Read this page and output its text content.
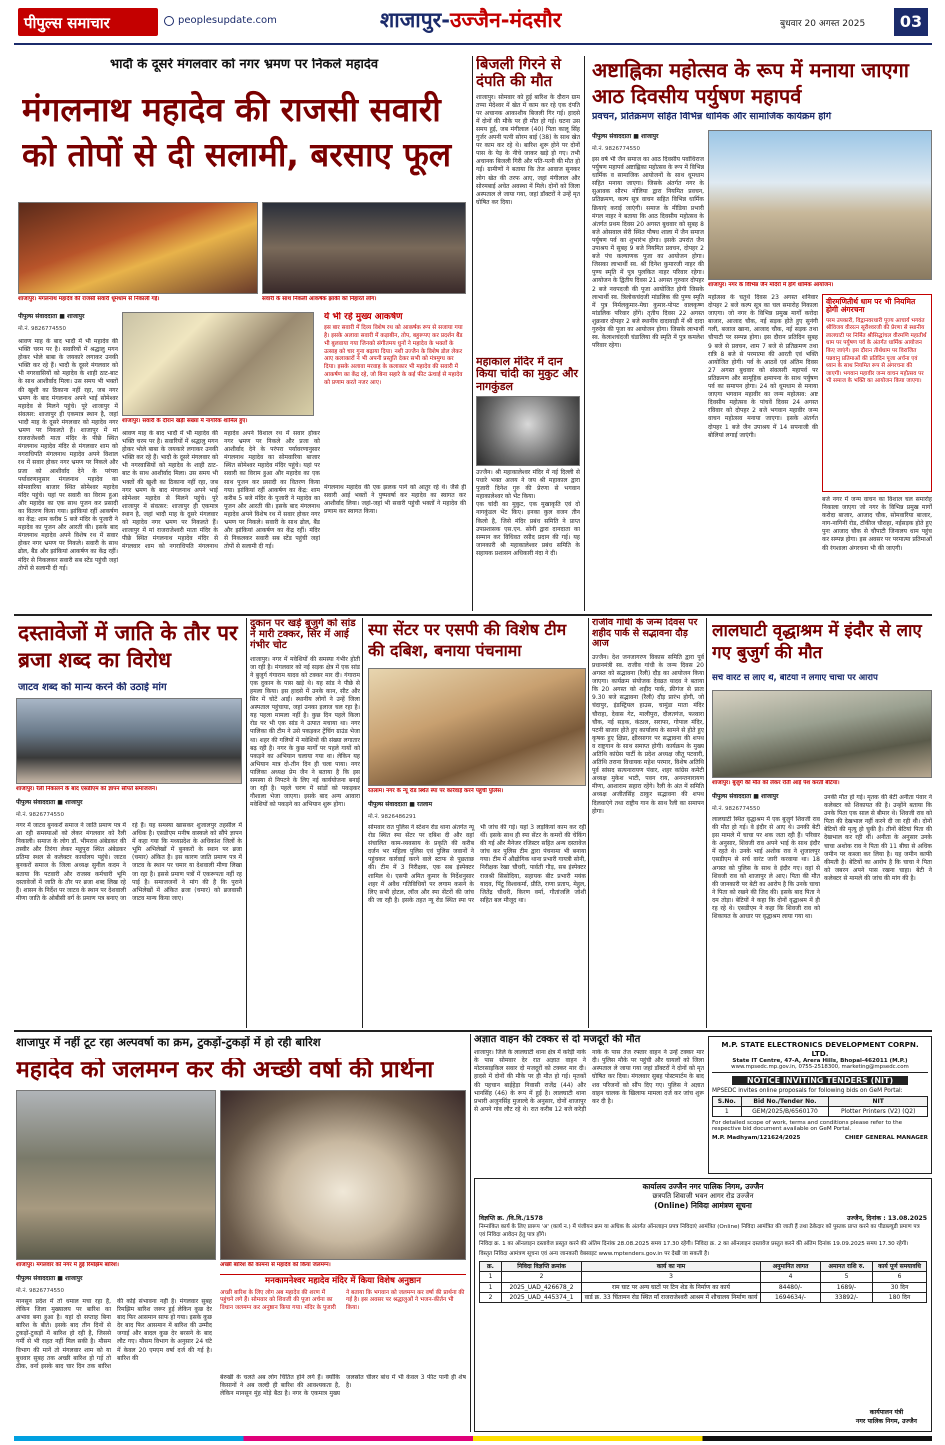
पीपुल्स समाचार	peoplesupdate.com	शाजापुर-उज्जैन-मंदसौर	बुधवार 20 अगस्त 2025	03
भादौ के दूसरे मंगलवार को नगर भ्रमण पर निकले महादेव
मंगलनाथ महादेव की राजसी सवारी को तोपों से दी सलामी, बरसाए फूल
शाजापुर। मंगलनाथ महादेव की राजसी सवारी धूमधाम से निकाली गई।	सवारी के साथ निकली आकर्षक झांकी को निहारते लोग।
पीपुल्स संवाददाता ■ शाजापुर
मो.नं. 9826774550
शाजापुर। सवारी के दौरान खड़ी संख्या में नागरिक शामिल हुए।
श्रावण माह के बाद भादौ में भी महादेव की भक्ति चरम पर है। सवारियों में श्रद्धालु मगन होकर भोले बाबा के जयकारे लगाकर उनकी भक्ति कर रहे हैं। भादौ के दूसरे मंगलवार को भी नगरवासियों को महादेव के शाही ठाट-बाट के साथ आशीर्वाद मिला। उस समय भी भक्तों की खुशी का ठिकाना नहीं रहा, जब नगर भ्रमण के बाद मंगलनाथ अपने भाई सोमेश्वर महादेव से मिलने पहुंचे। पूरे शाजापुर में संवत्सर: शाजापुर ही एकमात्र स्थान है, जहां भादौ माह के दूसरे मंगलवार को महादेव नगर भ्रमण पर निकलते हैं। शाजापुर में मां राजराजेश्वरी माता मंदिर के पीछे स्थित मंगलनाथ महादेव मंदिर से मंगलवार शाम को नगराधिपति मंगलनाथ महादेव अपने विशाल रथ में सवार होकर नगर भ्रमण पर निकले और प्रजा को आशीर्वाद देने के परंपरा पर्यावरणानुसार मंगलनाथ महादेव का सोमवारिया बाजार स्थित सोमेश्वर महादेव मंदिर पहुंचे। यहां पर सवारी का विराम हुआ और महादेव का एक साथ पूजन कर प्रसादी का वितरण किया गया। झांकियां रहीं आकर्षण का केंद्र: शाम करीब 5 बजे मंदिर के पुजारी ने महादेव का पूजन और आरती की। इसके बाद मंगलनाथ महादेव अपने विशेष रथ में सवार होकर नगर भ्रमण पर निकले। सवारी के साथ ढोल, बैंड और झांकियां आकर्षण का केंद्र रहीं। मंदिर से निकलकर सवारी सब स्टेंड पहुंची जहां तोपों से सलामी दी गई।
श्रावण माह के बाद भादौ में भी महादेव की भक्ति चरम पर है। सवारियों में श्रद्धालु मगन होकर भोले बाबा के जयकारे लगाकर उनकी भक्ति कर रहे हैं। भादौ के दूसरे मंगलवार को भी नगरवासियों को महादेव के शाही ठाट-बाट के साथ आशीर्वाद मिला। उस समय भी भक्तों की खुशी का ठिकाना नहीं रहा, जब नगर भ्रमण के बाद मंगलनाथ अपने भाई सोमेश्वर महादेव से मिलने पहुंचे। पूरे शाजापुर में संवत्सर: शाजापुर ही एकमात्र स्थान है, जहां भादौ माह के दूसरे मंगलवार को महादेव नगर भ्रमण पर निकलते हैं। शाजापुर में मां राजराजेश्वरी माता मंदिर के पीछे स्थित मंगलनाथ महादेव मंदिर से मंगलवार शाम को नगराधिपति मंगलनाथ महादेव अपने विशाल रथ में सवार होकर नगर भ्रमण पर निकले और प्रजा को आशीर्वाद देने के परंपरा पर्यावरणानुसार मंगलनाथ महादेव का सोमवारिया बाजार स्थित सोमेश्वर महादेव मंदिर पहुंचे। यहां पर सवारी का विराम हुआ और महादेव का एक साथ पूजन कर प्रसादी का वितरण किया गया। झांकियां रहीं आकर्षण का केंद्र: शाम करीब 5 बजे मंदिर के पुजारी ने महादेव का पूजन और आरती की। इसके बाद मंगलनाथ महादेव अपने विशेष रथ में सवार होकर नगर भ्रमण पर निकले। सवारी के साथ ढोल, बैंड और झांकियां आकर्षण का केंद्र रहीं। मंदिर से निकलकर सवारी सब स्टेंड पहुंची जहां तोपों से सलामी दी गई।
ये भी रहे मुख्य आकर्षण
इस बार सवारी में दिव्य विशेष रथ को आकर्षक रूप से सजाया गया है। इसके अलावा सवारी में कड़ाबीन, तोप, बहुरूपए कर प्रदर्शन बैंड भी बुलवाया गया जिनको संगीतमय धुनों ने महादेव के भक्तों के उत्साह को चार गुना बढ़ाया दिया। नशी उज्जैन के विशेष डोल लेकर आए कलाकारों ने भी अपनी प्रस्तुति देकर सभी को मंत्रमुग्ध कर दिया। इसके अलावा मरवाह के कलाकार भी महादेव की सवारी में आकर्षण का केंद्र रहे, जो बिना सहारे के कई फीट ऊंचाई से महादेव को प्रणाम करते नजर आए।
मंगलनाथ महादेव की एक झलक पाने को आतुर रहे थे। जैसे ही सवारी आई भक्तों ने पुष्पवर्षा कर महादेव का स्वागत कर आशीर्वाद लिया। जहां-जहां भी सवारी पहुंची भक्तों ने महादेव की प्रणाम कर स्वागत किया।
बिजली गिरने से दंपति की मौत
शाजापुर। सोमवार को हुई बारिश के दौरान ग्राम तप्पा मेदेश्वर में खेत में काम कर रहे एक दंपति पर अचानक आकाशीय बिजली गिर गई। हादसे में दोनों की मौके पर ही मौत हो गई। घटना उस समय हुई, जब मंगीलाल (40) पिता कालू सिंह गुर्जर अपनी पत्नी सोरम बाई (38) के साथ खेत पर काम कर रहे थे। बारिश शुरू होने पर दोनों पास के पेड़ के नीचे जाकर खड़े हो गए। तभी अचानक बिजली गिरी और पति-पत्नी की मौत हो गई। ग्रामीणों ने बताया कि तेज आवाज सुनकर लोग खेत की तरफ आए, जहां मंगीलाल और सोरमबाई अचेत अवस्था में मिले। दोनों को जिला अस्पताल ले जाया गया, जहां डॉक्टरों ने उन्हें मृत घोषित कर दिया।
महाकाल मंदिर में दान किया चांदी का मुकुट और नागकुंडल
उज्जैन। श्री महाकालेश्वर मंदिर में नई दिल्ली से पधारे भक्त अजय ने जय श्री महाकाल द्वारा पुजारी दिनेश गुरु की प्रेरणा से भगवान महाकालेश्वर को भेंट किया।
एक चांदी का मुकुट, एक मुखाकृति एवं दो नागकुंडल भेंट किए। इनका कुल वजन तीन किलो है, जिसे मंदिर प्रबंध समिति ने प्राप्त उपप्रशासक एस.एन. सोनी द्वारा दानदाता का सम्मान कर विधिवत रसीद प्रदान की गई। यह जानकारी श्री महाकालेश्वर प्रबंध समिति के सहायक प्रशासन अधिकारी नंदा ने दी।
अष्टाह्निका महोत्सव के रूप में मनाया जाएगा आठ दिवसीय पर्युषण महापर्व
प्रवचन, प्रतिक्रमण सहित विभिन्न धार्मिक और सामाजिक कार्यक्रम होंगे
पीपुल्स संवाददाता ■ शाजापुर
मो.नं. 9826774550
शाजापुर। नगर के विभिन्न जैन मंदिरों में होंगे धार्मिक आयोजन।
इस वर्ष भी जैन समाज का आठ दिवसीय पर्वाधिराज पर्युषण महापर्व अष्टाह्निका महोत्सव के रूप में विभिन्न धार्मिक व सामाजिक आयोजनों के साथ धूमधाम सहित मनाया जाएगा। जिसके अंतर्गत नगर के सुआवक सौरभ नोलिया द्वारा नियमित प्रवचन, प्रतिक्रमण, कल्प सूत्र वाचन सहित विभिन्न धार्मिक क्रियाएं कराई जाएंगी। समाज के मीडिया प्रभारी मंगल नाहर ने बताया कि आठ दिवसीय महोत्सव के अंतर्गत प्रथम दिवस 20 अगस्त बुधवार को सुबह 8 बजे ओसवाल सेरी स्थित पौषध शाला में जैन समाज पर्युषण पर्व का शुभारंभ होगा। इसके उपरांत जैन उपाश्रय में सुबह 9 बजे नियमित प्रवचन, दोपहर 2 बजे पंच कल्याणक पूजा का आयोजन होगा। जिसका लाभार्थी स्व. श्री दिनेश कुमारजी नाहर की पुण्य स्मृति में पुत्र पुलकित नाहर परिवार रहेगा। आयोजन के द्वितीय दिवस 21 अगस्त गुरुवार दोपहर 2 बजे नवपदजी की पूजा आयोजित होगी जिसके लाभार्थी स्व. त्रिलोकचंदजी मांडलिक की पुण्य स्मृति में पुत्र निर्मलकुमार-मेघा कुमार-पोपट वालकृष्ण मांडलिक परिवार होंगे। तृतीय दिवस 22 अगस्त शुक्रवार दोपहर 2 बजे स्थानीय दादावाड़ी में श्री दादा गुरुदेव की पूजा का आयोजन होगा। जिसके लाभार्थी स्व. केलाशचंदजी चंडालिया की स्मृति में पुत्र कमलेश परिवार रहेगा।
महोत्सव के चतुर्थ दिवस 23 अगस्त शनिवार दोपहर 2 बजे कल्प सूत्र का चल समारोह निकाला जाएगा। जो नगर के विभिन्न प्रमुख मार्गों करोदा बाजार, आजाद चौक, नई सड़क होते हुए सुनंगी गली, बजाज खाना, आजाद चौक, नई सड़क तथा चौपाटी पर सम्पन्न होगा। इस दौरान प्रतिदिन सुबह 9 बजे से प्रवचन, शाम 7 बजे से प्रतिक्रमण तथा रात्रि 8 बजे से परमात्मा की आरती एवं भक्ति आयोजित होगी। पर्व के आठवें एवं अंतिम दिवस 27 अगस्त बुधवार को संवत्सरी महापर्व पर प्रतिक्रमण और सामूहिक क्षमापना के साथ पर्युषण पर्व का समापन होगा। 24 को धूमधाम से मनाया जाएगा भगवान महावीर का जन्म महोत्सव: अष्ट दिवसीय महोत्सव के पांचवें दिवस 24 अगस्त रविवार को दोपहर 2 बजे भगवान महावीर जन्म वाचन महोत्सव मनाया जाएगा। इसके अंतर्गत दोपहर 1 बजे जैन उपाश्रय में 14 सपनाजी की बोलियां लगाई जाएंगी।
वीरमणितीर्थ धाम पर भी नियमित होगी अंगरचना
परम उपकारी, विद्वानवरधारी पूज्य आचार्य भगवंत श्रीविजय वीररत्न सूरीश्वरजी की प्रेरणा से स्थानीय लालघाटी पर निर्मित श्रीसिद्धांचल वीरमणि महातीर्थ धाम पर पर्युषण पर्व के अंतर्गत धार्मिक आयोजन किए जाएंगे। इस दौरान तीर्थधाम पर विराजित पन्नवानु प्रतिमाओं की प्रतिदिन पूजा अर्चना एवं ध्यान के साथ नियमित रूप से अंगरचना की जाएगी। भगवान महावीर जन्म वाचन महोत्सव पर भी समाज के भक्ति का आयोजन किया जाएगा।
बजे नगर में जन्म वाचन का विशाल चल समारोह निकाला जाएगा जो नगर के विभिन्न प्रमुख मार्गों करोदा बाजार, आजाद चौक, सोमवारिया बाजार, नाग-नागिनी रोड, टॉकीज चौराहा, नईसड़क होते हुए पुनः आजाद चौक से चौपाटी जिनालय धाम पहुंच कर सम्पन्न होगा। इस अवसर पर परमात्मा प्रतिमाओं की रंगशाला अंगरचना भी की जाएगी।
दस्तावेजों में जाति के तौर पर ब्रजा शब्द का विरोध
जाटव शब्द को मान्य करने की उठाई मांग
शाजापुर। रैली निकालने के बाद एसडीएम को ज्ञापन सौंपते समाजजन।
पीपुल्स संवाददाता ■ शाजापुर
मो.नं. 9826774550
नगर में जाटव बुनकरों समाज ने जाति प्रमाण पत्र में आ रही समस्याओं को लेकर मंगलवार को रैली निकाली। समाज के लोग डॉ. भीमराव अंबेडकर की तस्वीर और तिरंगा लेकर महूपुरा स्थित अंबेडकर प्रतिमा स्थल से कलेक्टर कार्यालय पहुंचे। जाटव बुनकरों समाज के जिला अध्यक्ष सुनील कदम ने बताया कि पटवारी और राजस्व कर्मचारी भूमि दस्तावेजों में जाति के तौर पर ब्रजा शब्द लिख रहे हैं। शासन के निर्देश पर जाटव के स्थान पर देशवाली मीणा जाति के ओबीसी वर्ग के प्रमाण पत्र बनाए जा रहे हैं। यह समस्या खासकर शुजालपुर तहसील में अधिक है। एसडीएम मनीष वास्कले को सौंपे ज्ञापन में कहा गया कि मध्यप्रदेश के अधिकांश जिलों के भूमि अभिलेखों में बुनकरों के स्थान पर ब्रजा (चमार) अंकित है। इस कारण जाति प्रमाण पत्र में जाटव के स्थान पर चमार या देशवाली मीणा लिखा जा रहा है। इससे प्रमाण पत्रों में एकरूपता नहीं रह पाई है। समाजजनों ने मांग की है कि पुराने अभिलेखों में अंकित ब्रजा (चमार) को ब्रजवासी जाटव मान्य किया जाए।
दुकान पर खड़े बुजुर्ग को सांड ने मारी टक्कर, सिर में आई गंभीर चोट
शाजापुर। नगर में मवेशियों की समस्या गंभीर होती जा रही है। मंगलवार को नई सड़क क्षेत्र में एक सांड ने बुजुर्ग गंगाराम यादव को टक्कर मार दी। गंगाराम एक दुकान के पास खड़े थे। यह सांड ने पीछे से हमला किया। इस हादसे में उनके कान, सीट और सिर में चोटें आईं। स्थानीय लोगों ने उन्हें जिला अस्पताल पहुंचाया, जहां उनका इलाज चल रहा है। यह पहला मामला नहीं है। कुछ दिन पहले किला रोड पर भी एक सांड ने उत्पात मचाया था। नगर पालिका की टीम ने उसे पकड़कर ट्रेंचिंग ग्राउंड भेजा था। शहर की गलियों में मवेशियों की संख्या लगातार बढ़ रही है। नगर के कुछ मार्गों पर पहले गायों को पकड़ने का अभियान चलाया गया था। लेकिन यह अभियान मात्र दो-तीन दिन ही चला पाया। नगर पालिका अध्यक्ष प्रेम जैन ने बताया है कि इस समस्या से निपटने के लिए नई कार्ययोजना बनाई जा रही है। पहले चरण में सांडों को पकड़कर गौशाला भेजा जाएगा। इसके बाद अन्य आवारा मवेशियों को पकड़ने का अभियान शुरू होगा।
स्पा सेंटर पर एसपी की विशेष टीम की दबिश, बनाया पंचनामा
रतलाम। नगर के न्यू रोड स्थित स्पा पर कार्रवाई करने पहुंची पुलिस।
पीपुल्स संवाददाता ■ रतलाम
मो.नं. 9826486291
सोमवार रात पुलिस ने स्टेशन रोड थाना अंतर्गत न्यू रोड स्थित स्पा सेंटर पर दबिश दी और वहां संचालित काम-व्यवसाय के प्रकृति की करीब दर्जन भर महिला पुलिस एवं पुलिस जवानों ने पहुंचकर कार्रवाई करने वाले स्टाफ से पूछताछ की। टीम में 3 निरीक्षक, एक सब इंस्पेक्टर शामिल थे। एसपी अमित कुमार के निर्देशनुसार शहर में अवैध गतिविधियों पर लगाम कसने के लिए सभी होटल, लॉज और स्पा सेंटरों की जांच की जा रही है। इसके तहत न्यू रोड स्थित स्पा पर भी जांच की गई। यहां 3 लड़कियां काम कर रही थीं। इसके साथ ही स्पा सेंटर के कमरों की चेकिंग की गई और मैनेजर रजिस्टर सहित अन्य दस्तावेज जांच कर पुलिस टीम द्वारा पंचनामा भी बनाया गया। टीम में औद्योगिक थाना प्रभारी गायत्री सोनी, निरीक्षक रेखा चौधरी, पार्वती गौड़, सब इंस्पेक्टर राजश्री सिसोदिया, सहायक बीट प्रभारी मयंक यादव, पिंटू विश्वकर्मा, प्रीति, राणा प्रताप, मेहुल, जितेंद्र चौधरी, किरण वर्मा, गौतांजलि जोशी सहित बल मौजूद था।
राजीव गांधी के जन्म दिवस पर शहीद पार्क से सद्भावना दौड़ आज
उज्जैन। देश जनजागरण विकास समिति द्वारा पूर्व प्रधानमंत्री स्व. राजीव गांधी के जन्म दिवस 20 अगस्त को सद्भावना (रैली) दौड़ का आयोजन किया जाएगा। कार्यक्रम संयोजक देवव्रत यादव ने बताया कि 20 अगस्त को शहीद पार्क, फ्रीगंज से प्रातः 9.30 बजे सद्भावना (रैली) दौड़ प्रारंभ होगी, जो चंदापुर, इंडस्ट्रियल हाउस, चामुंडा माता मंदिर चौराहा, देवास गेट, मालीपुरा, दौलतगंज, फव्वारा चौक, नई सड़क, कंठाल, सराफा, गोपाल मंदिर, पटनी बाजार होते हुए कार्यालय के सामने से होते हुए कृषक हुए क्षिप्रा, क्षीरसागर पर सद्भावना की शपथ व राष्ट्रगान के साथ समाप्त होगी। कार्यक्रम के मुख्य अतिथि कांग्रेस पार्टी के प्रदेश अध्यक्ष जीतू पटवारी, अतिथि तराना विधायक महेश परमार, विशेष अतिथि पूर्व सांसद सत्यनारायण पंवार, शहर कांग्रेस कमेटी अध्यक्ष मुकेश भाटी, पवन राय, अनन्तनारायण मीणा, आशाराम सहारा रहेंगे। रैली के अंत में समिति अध्यक्ष अजीतसिंह ठाकुर सद्भावना की शपथ दिलवाएंगे तथा राष्ट्रीय गान के साथ रैली का समापन होगा।
लालघाटी वृद्धाश्रम में इंदौर से लाए गए बुजुर्ग की मौत
सर्च वारंट से लाए थे, बेटियों ने लगाए चाचा पर आरोप
शाजापुर। बुजुर्ग की मौत को लेकर रोती आईं पेश करती बेटियां।
पीपुल्स संवाददाता ■ शाजापुर
मो.नं. 9826774550
लालघाटी स्थित वृद्धाश्रम में एक बुजुर्ग शिवजी राव की मौत हो गई। वे इंदौर से आए थे। उनकी बेटी इस मामले में चाचा पर शक जता रही हैं। परिवार के अनुसार, शिवजी राव अपने भाई के साथ इंदौर में रहते थे। उनके भाई अशोक राव ने शुजालपुर एसडीएम से सर्च वारंट जारी करवाया था। 18 अगस्त को पुलिस के साथ वे इंदौर गए। वहां से शिवजी राव को शाजापुर ले आए। पिता की मौत की जानकारी पर बेटी का आरोप है कि उनके चाचा ने पिता को रखने की जिद की। इसके बाद पिता ने दम तोड़ा। बेटियों ने कहा कि दोनों वृद्धाश्रम में ही रह रहे थे। एसडीएम ने कहा कि शिवजी राव को शिकायत के आधार पर वृद्धाश्रम लाया गया था।
उनकी मौत हो गई। मृतक की बेटी अनीता पंवार ने कलेक्टर को शिकायत की है। उन्होंने बताया कि उनके पिता एक साल से बीमार थे। शिवजी राव को पिता की देखभाल नहीं करने दी जा रही थी। दोनों बेटियों की मृत्यु हो चुकी है। तीनों बेटियां पिता की देखभाल कर रही थीं। अनीता के अनुसार उनके चाचा अशोक राव ने पिता की 11 बीघा से अधिक जमीन पर कब्जा कर लिया है। यह जमीन काफी कीमती है। बेटियों का आरोप है कि चाचा ने पिता को जबरन अपने पास रखना चाहा। बेटी ने कलेक्टर से मामले की जांच की मांग की है।
शाजापुर में नहीं टूट रहा अल्पवर्षा का क्रम, टुकड़ों-टुकड़ों में हो रही बारिश
महादेव को जलमग्न कर की अच्छी वर्षा की प्रार्थना
शाजापुर। मंगलवार को नगर में हुई रिमझिम बारिश।	अच्छी बारिश की कामना से महादेव को किया जलमग्न।
पीपुल्स संवाददाता ■ शाजापुर
मो.नं. 9826774550
मानसून प्रदेश में तो धमाल मचा रहा है, लेकिन जिला मुख्यालय पर बारिश का अभाव बना हुआ है। यहां दो सप्ताह बिना बारिश के बीते। इसके बाद तीन दिनों से टुकड़ों-टुकड़ों में बारिश हो रही है, जिससे गर्मी से भी राहत नहीं मिल सकी है। मौसम विभाग की मानें तो मंगलवार शाम को या बुधवार सुबह तक अच्छी बारिश हो गई तो ठीक, वर्ना इसके बाद चार दिन तक बारिश की कोई संभावना नहीं है। मंगलवार सुबह रिमझिम बारिश जरूर हुई लेकिन कुछ देर बाद फिर आसमान साफ हो गया। इसके कुछ देर बाद फिर आसमान में बारिश की उम्मीद जगाई और बादल कुछ देर बरसने के बाद लौट गए। मौसम विभाग के अनुसार 24 घंटे में केवल 20 एमएम वर्षा दर्ज की गई है। बारिश की
मनकामनेश्वर महादेव मंदिर में किया विशेष अनुष्ठान
अच्छी बारिश के लिए लोग अब महादेव की शरण में पहुंचने लगे हैं। सोमवार को शिवजी की पूजा अर्चना का विधान जलमग्न कर अनुष्ठान किया गया। मंदिर के पुजारी ने बताया कि भगवान को जलमग्न कर वर्षा की प्रार्थना की गई है। इस अवसर पर श्रद्धालुओं ने भजन-कीर्तन भी किया।
बेरुखी के चलते अब लोग चिंतित होने लगे हैं। क्योंकि किसानों ने अब जल्दी ही बारिश की आवश्यकता है, लेकिन मानसून मुंह मोड़े बैठा है। नगर के एकमात्र मुख्य जलस्रोत चीलर बांध में भी केवल 3 फीट पानी ही शेष है।
अज्ञात वाहन की टक्कर से दो मजदूरों की मौत
शाजापुर। जिले के लालघाटी थाना क्षेत्र में करेड़ी नाके के पास सोमवार देर रात अज्ञात वाहन ने मोटरसाइकिल सवार दो मजदूरों को टक्कर मार दी। हादसे में दोनों की मौके पर ही मौत हो गई। मृतकों की पहचान बाईहेड़ा निवासी राजेंद्र (44) और भानसिंह (46) के रूप में हुई है। लालघाटी थाना प्रभारी अजुनसिंह मुजाल्दे के अनुसार, दोनों शाजापुर से अपने गांव लौट रहे थे। रात करीब 12 बजे करेड़ी नाके के पास तेज रफ्तार वाहन ने उन्हें टक्कर मार दी। पुलिस मौके पर पहुंची और घायलों को जिला अस्पताल ले जाया गया जहां डॉक्टरों ने दोनों को मृत घोषित कर दिया। मंगलवार सुबह पोस्टमार्टम के बाद शव परिजनों को सौंप दिए गए। पुलिस ने अज्ञात वाहन चालक के खिलाफ मामला दर्ज कर जांच शुरू कर दी है।
M.P. STATE ELECTRONICS DEVELOPMENT CORPN. LTD.
State IT Centre, 47-A, Arera Hills, Bhopal-462011 (M.P.)
www.mpsedc.mp.gov.in, 0755-2518300, marketing@mpsedc.com
NOTICE INVITING TENDERS (NIT)
MPSEDC invites online proposals for following bids on GeM Portal:
S.No.	Bid No./Tender No.	NIT
1	GEM/2025/B/6560170	Plotter Printers (V2) (Q2)
For detailed scope of work, terms and conditions please refer to the respective bid document available on GeM Portal.
M.P. Madhyam/121624/2025	CHIEF GENERAL MANAGER
कार्यालय उज्जैन नगर पालिक निगम, उज्जैन
छत्रपति शिवाजी भवन आगर रोड उज्जैन
(Online) निविदा आमंत्रण सूचना
विज्ञप्ति क्र. /वि.वि./1578	उज्जैन, दिनांक : 13.08.2025
निम्नांकित कार्य के लिए प्रारूप 'अ' (कार्य न.) में पंजीयन क्रम या अधिक के अंतर्गत ऑनलाइन प्रपत्र निविदाएं आमंत्रित (Online) निविदा आमंत्रित की जाती हैं तथा ठेकेदार को पुस्तक प्राप्त करने का पीडब्ल्यूडी प्रमाण पत्र एवं निविदा आवेदन हेतु पात्र होंगे।
निविदा क्र. 1 का ऑनलाइन दस्तावेज प्रस्तुत करने की अंतिम दिनांक 28.08.2025 समय 17.30 रहेगी। निविदा क्र. 2 का ऑनलाइन दस्तावेज प्रस्तुत करने की अंतिम दिनांक 19.09.2025 समय 17.30 रहेगी।
विस्तृत निविदा आमंत्रण सूचना एवं अन्य जानकारी वेबसाइट www.mptenders.gov.in पर देखी जा सकती है।
क्र.	निविदा विज्ञप्ति क्रमांक	कार्य का नाम	अनुमानित लागत	अमानत राशि रु.	कार्य पूर्ण समयावधि
1	2	3	4	5	6
1	2025_UAD_426678_2	राम घाट पर अन्य घाटों पर टिन शेड के निर्माण का कार्य	84480/-	1689/-	30 दिन
2	2025_UAD_445374_1	वार्ड क्र. 33 चिंतामन रोड स्थित माँ राजराजेश्वरी आश्रम में शौचालय निर्माण कार्य	1694634/-	33892/-	180 दिन
कार्यपालन यंत्री
नगर पालिक निगम, उज्जैन
